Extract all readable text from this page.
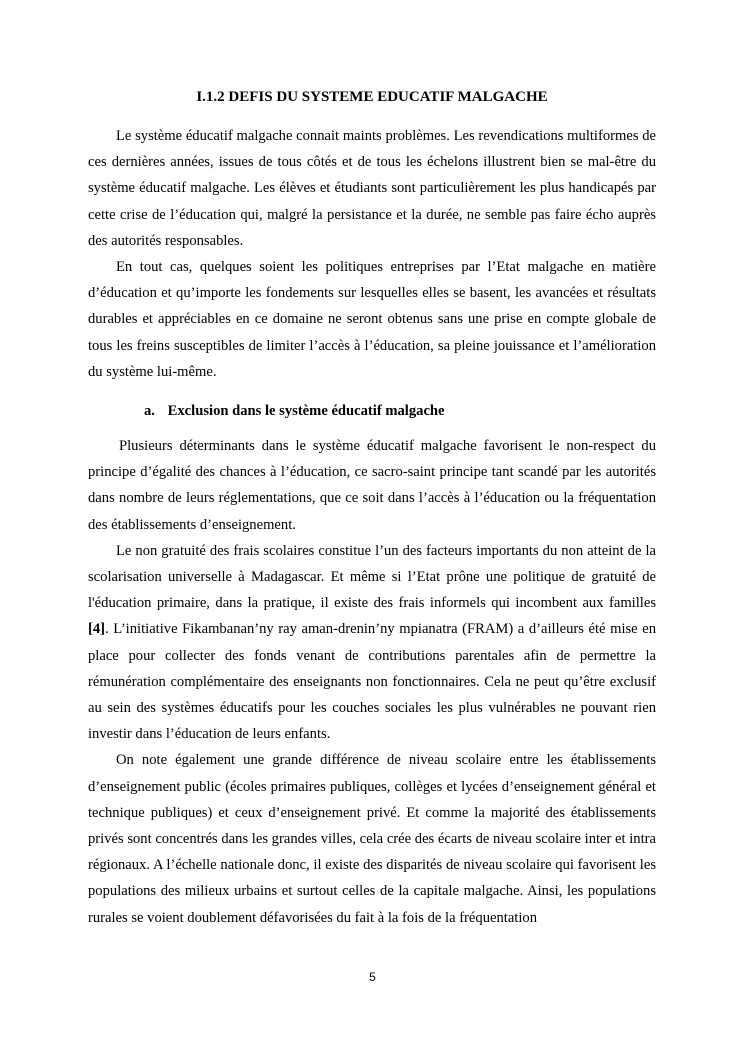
I.1.2 DEFIS DU SYSTEME EDUCATIF MALGACHE

Le système éducatif malgache connait maints problèmes. Les revendications multiformes de ces dernières années, issues de tous côtés et de tous les échelons illustrent bien se mal-être du système éducatif malgache. Les élèves et étudiants sont particulièrement les plus handicapés par cette crise de l’éducation qui, malgré la persistance et la durée, ne semble pas faire écho auprès des autorités responsables.

En tout cas, quelques soient les politiques entreprises par l’Etat malgache en matière d’éducation et qu’importe les fondements sur lesquelles elles se basent, les avancées et résultats durables et appréciables en ce domaine ne seront obtenus sans une prise en compte globale de tous les freins susceptibles de limiter l’accès à l’éducation, sa pleine jouissance et l’amélioration du système lui-même.

a. Exclusion dans le système éducatif malgache

Plusieurs déterminants dans le système éducatif malgache favorisent le non-respect du principe d’égalité des chances à l’éducation, ce sacro-saint principe tant scandé par les autorités dans nombre de leurs réglementations, que ce soit dans l’accès à l’éducation ou la fréquentation des établissements d’enseignement.

Le non gratuité des frais scolaires constitue l’un des facteurs importants du non atteint de la scolarisation universelle à Madagascar. Et même si l’Etat prône une politique de gratuité de l'éducation primaire, dans la pratique, il existe des frais informels qui incombent aux familles [4]. L’initiative Fikambanan’ny ray aman-drenin’ny mpianatra (FRAM) a d’ailleurs été mise en place pour collecter des fonds venant de contributions parentales afin de permettre la rémunération complémentaire des enseignants non fonctionnaires. Cela ne peut qu’être exclusif au sein des systèmes éducatifs pour les couches sociales les plus vulnérables ne pouvant rien investir dans l’éducation de leurs enfants.

On note également une grande différence de niveau scolaire entre les établissements d’enseignement public (écoles primaires publiques, collèges et lycées d’enseignement général et technique publiques) et ceux d’enseignement privé. Et comme la majorité des établissements privés sont concentrés dans les grandes villes, cela crée des écarts de niveau scolaire inter et intra régionaux. A l’échelle nationale donc, il existe des disparités de niveau scolaire qui favorisent les populations des milieux urbains et surtout celles de la capitale malgache. Ainsi, les populations rurales se voient doublement défavorisées du fait à la fois de la fréquentation

5
